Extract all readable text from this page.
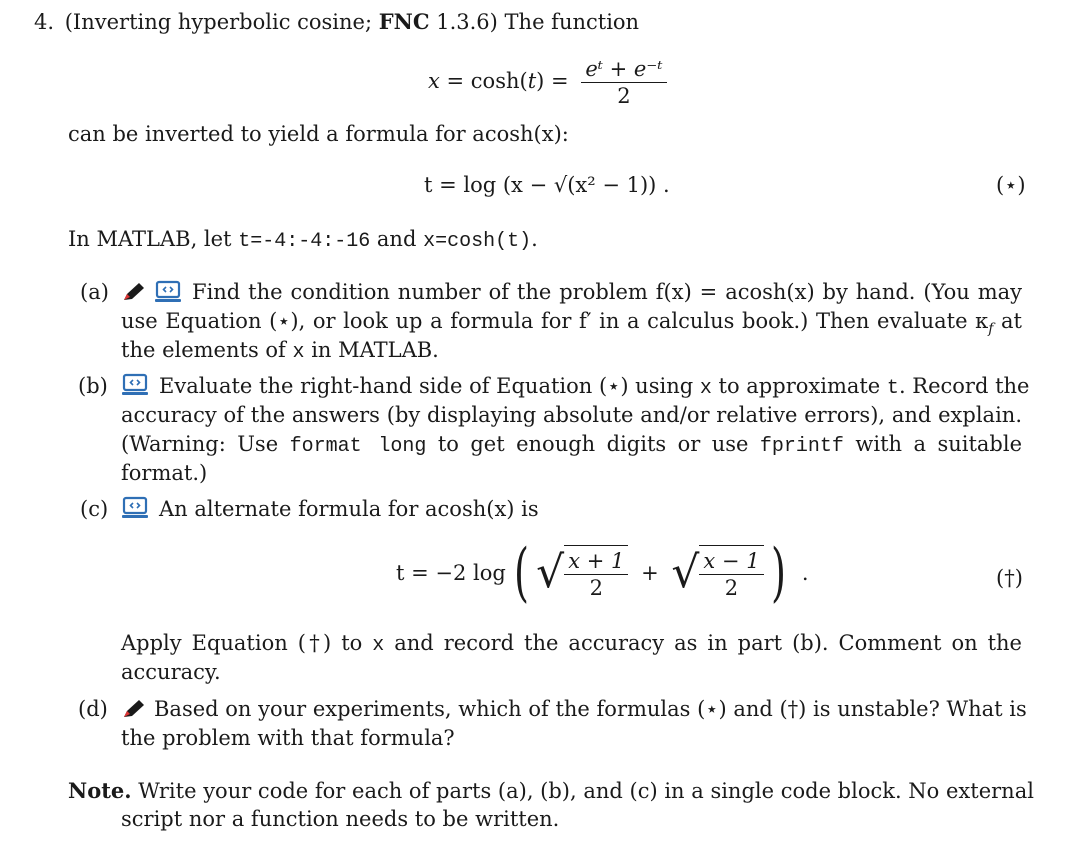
4. (Inverting hyperbolic cosine; FNC 1.3.6) The function
$x = \cosh(t) = \frac{\text{eᵗ + e⁻ᵗ}}{2}$
can be inverted to yield a formula for acosh(x):
t = log (x − √(x² − 1)) .	(⋆)
In MATLAB, let t=-4:-4:-16 and x=cosh(t).
(a)	Find the condition number of the problem f(x) = acosh(x) by hand. (You may
use Equation (⋆), or look up a formula for f′ in a calculus book.) Then evaluate $\kappa_f$ at
the elements of x in MATLAB.
(b) Evaluate the right-hand side of Equation (⋆) using x to approximate t. Record the
accuracy of the answers (by displaying absolute and/or relative errors), and explain.
(Warning: Use format long to get enough digits or use fprintf with a suitable
format.)
(c) An alternate formula for acosh(x) is
t = −2 log ( √ $\frac{x + 1}{2}$ + √ $\frac{x - 1}{2}$ ) .	(†)
Apply Equation (†) to x and record the accuracy as in part (b). Comment on the
accuracy.
(d) Based on your experiments, which of the formulas (⋆) and (†) is unstable? What is
the problem with that formula?
Note. Write your code for each of parts (a), (b), and (c) in a single code block. No external
script nor a function needs to be written.
